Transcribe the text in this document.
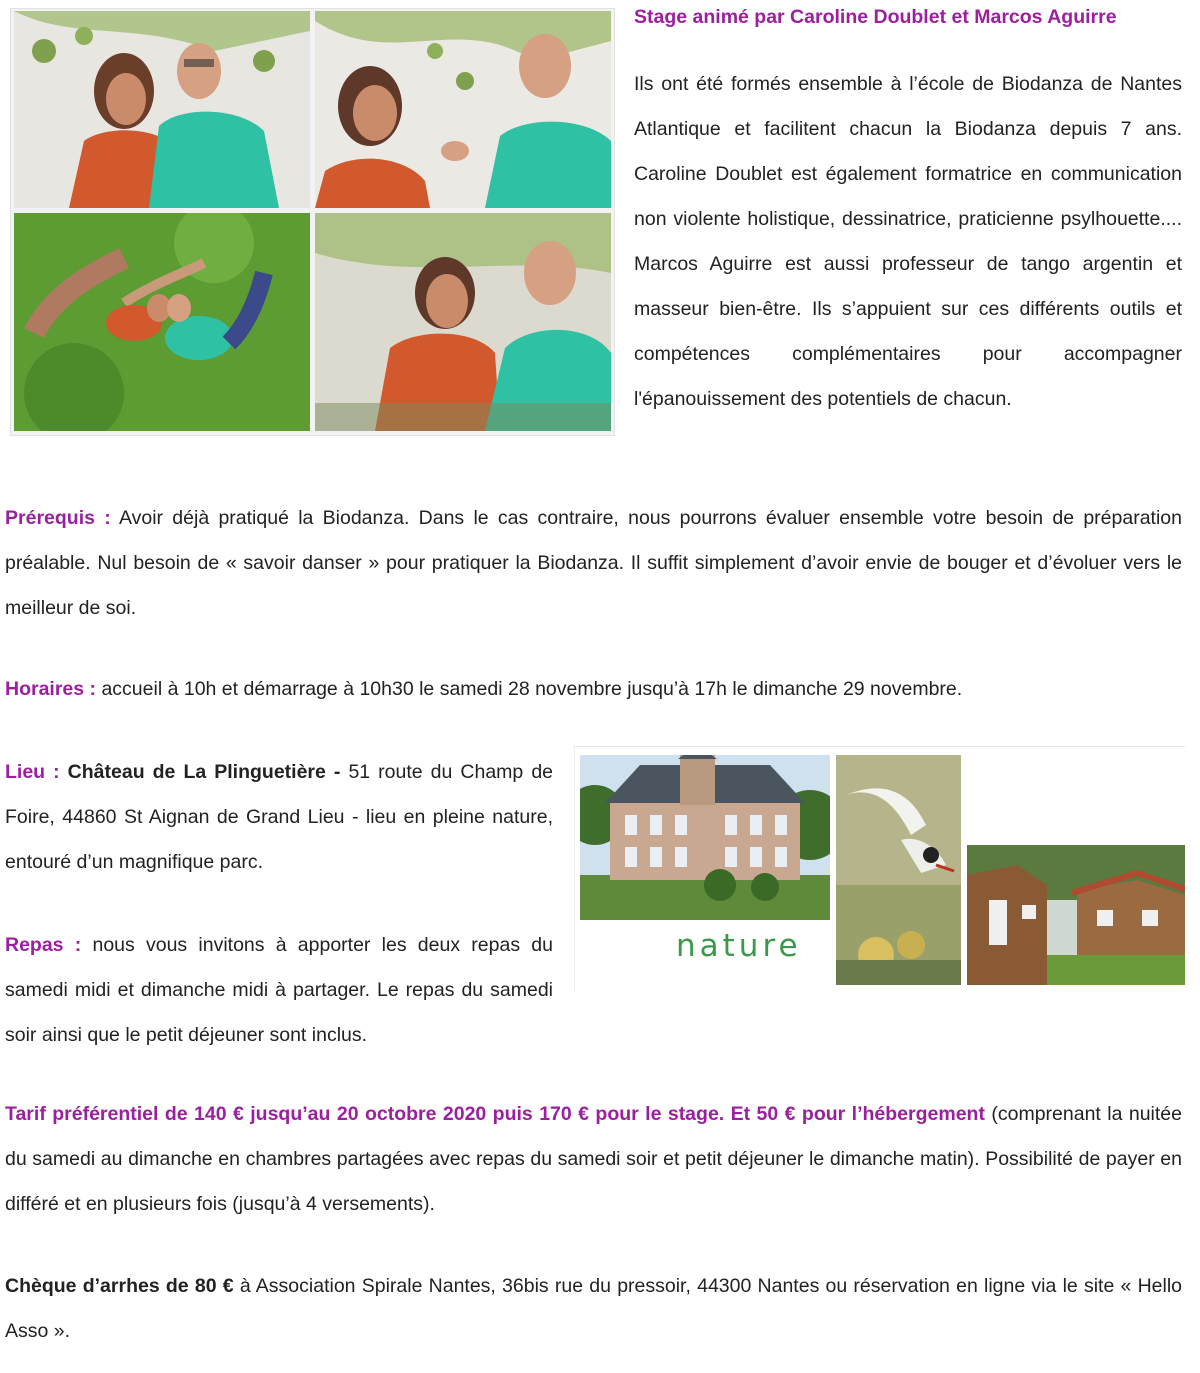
Stage animé par Caroline Doublet et Marcos Aguirre

Ils ont été formés ensemble à l’école de Biodanza de Nantes Atlantique et facilitent chacun la Biodanza depuis 7 ans. Caroline Doublet est également formatrice en communication non violente holistique, dessinatrice, praticienne psylhouette.... Marcos Aguirre est aussi professeur de tango argentin et masseur bien-être. Ils s’appuient sur ces différents outils et compétences complémentaires pour accompagner l'épanouissement des potentiels de chacun.

Prérequis : Avoir déjà pratiqué la Biodanza. Dans le cas contraire, nous pourrons évaluer ensemble votre besoin de préparation préalable. Nul besoin de « savoir danser » pour pratiquer la Biodanza. Il suffit simplement d’avoir envie de bouger et d’évoluer vers le meilleur de soi.

Horaires : accueil à 10h et démarrage à 10h30 le samedi 28 novembre jusqu’à 17h le dimanche 29 novembre.

Lieu : Château de La Plinguetière - 51 route du Champ de Foire, 44860 St Aignan de Grand Lieu - lieu en pleine nature, entouré d’un magnifique parc.

Repas : nous vous invitons à apporter les deux repas du samedi midi et dimanche midi à partager. Le repas du samedi soir ainsi que le petit déjeuner sont inclus.

nature

Tarif préférentiel de 140 € jusqu’au 20 octobre 2020 puis 170 € pour le stage. Et 50 € pour l’hébergement (comprenant la nuitée du samedi au dimanche en chambres partagées avec repas du samedi soir et petit déjeuner le dimanche matin). Possibilité de payer en différé et en plusieurs fois (jusqu’à 4 versements).

Chèque d’arrhes de 80 € à Association Spirale Nantes, 36bis rue du pressoir, 44300 Nantes ou réservation en ligne via le site « Hello Asso ».
